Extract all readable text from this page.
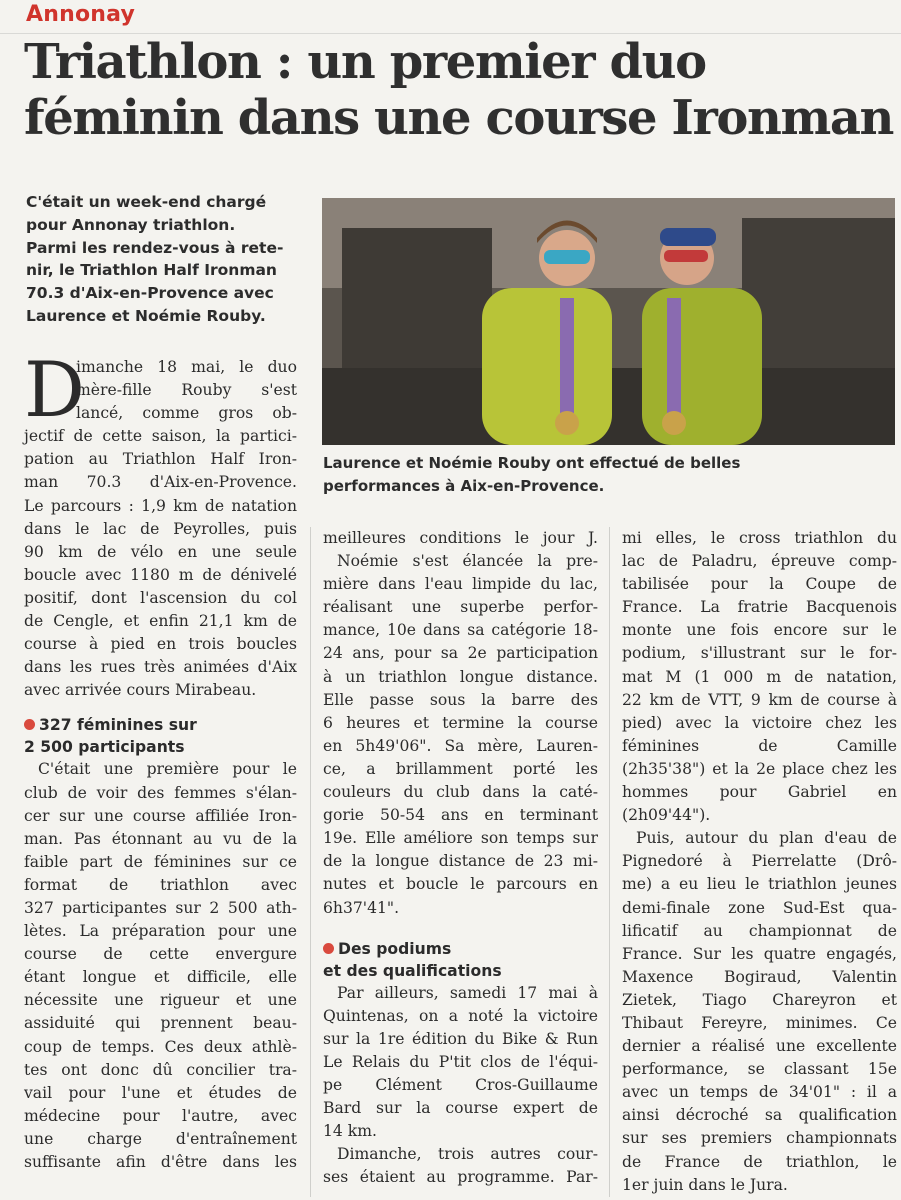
Annonay
Triathlon : un premier duo
féminin dans une course Ironman
C'était un week-end chargé
pour Annonay triathlon.
Parmi les rendez-vous à rete-
nir, le Triathlon Half Ironman
70.3 d'Aix-en-Provence avec
Laurence et Noémie Rouby.
Laurence et Noémie Rouby ont effectué de belles
performances à Aix-en-Provence.
D
imanche 18 mai, le duo
mère-fille Rouby s'est
lancé, comme gros ob-
jectif de cette saison, la partici-
pation au Triathlon Half Iron-
man 70.3 d'Aix-en-Provence.
Le parcours : 1,9 km de natation
dans le lac de Peyrolles, puis
90 km de vélo en une seule
boucle avec 1180 m de dénivelé
positif, dont l'ascension du col
de Cengle, et enfin 21,1 km de
course à pied en trois boucles
dans les rues très animées d'Aix
avec arrivée cours Mirabeau.
327 féminines sur
2 500 participants
C'était une première pour le
club de voir des femmes s'élan-
cer sur une course affiliée Iron-
man. Pas étonnant au vu de la
faible part de féminines sur ce
format de triathlon avec
327 participantes sur 2 500 ath-
lètes. La préparation pour une
course de cette envergure
étant longue et difficile, elle
nécessite une rigueur et une
assiduité qui prennent beau-
coup de temps. Ces deux athlè-
tes ont donc dû concilier tra-
vail pour l'une et études de
médecine pour l'autre, avec
une charge d'entraînement
suffisante afin d'être dans les
meilleures conditions le jour J.
Noémie s'est élancée la pre-
mière dans l'eau limpide du lac,
réalisant une superbe perfor-
mance, 10e dans sa catégorie 18-
24 ans, pour sa 2e participation
à un triathlon longue distance.
Elle passe sous la barre des
6 heures et termine la course
en 5h49'06". Sa mère, Lauren-
ce, a brillamment porté les
couleurs du club dans la caté-
gorie 50-54 ans en terminant
19e. Elle améliore son temps sur
de la longue distance de 23 mi-
nutes et boucle le parcours en
6h37'41".
Des podiums
et des qualifications
Par ailleurs, samedi 17 mai à
Quintenas, on a noté la victoire
sur la 1re édition du Bike & Run
Le Relais du P'tit clos de l'équi-
pe Clément Cros-Guillaume
Bard sur la course expert de
14 km.
Dimanche, trois autres cour-
ses étaient au programme. Par-
mi elles, le cross triathlon du
lac de Paladru, épreuve comp-
tabilisée pour la Coupe de
France. La fratrie Bacquenois
monte une fois encore sur le
podium, s'illustrant sur le for-
mat M (1 000 m de natation,
22 km de VTT, 9 km de course à
pied) avec la victoire chez les
féminines de Camille
(2h35'38") et la 2e place chez les
hommes pour Gabriel en
(2h09'44").
Puis, autour du plan d'eau de
Pignedoré à Pierrelatte (Drô-
me) a eu lieu le triathlon jeunes
demi-finale zone Sud-Est qua-
lificatif au championnat de
France. Sur les quatre engagés,
Maxence Bogiraud, Valentin
Zietek, Tiago Chareyron et
Thibaut Fereyre, minimes. Ce
dernier a réalisé une excellente
performance, se classant 15e
avec un temps de 34'01" : il a
ainsi décroché sa qualification
sur ses premiers championnats
de France de triathlon, le
1er juin dans le Jura.
